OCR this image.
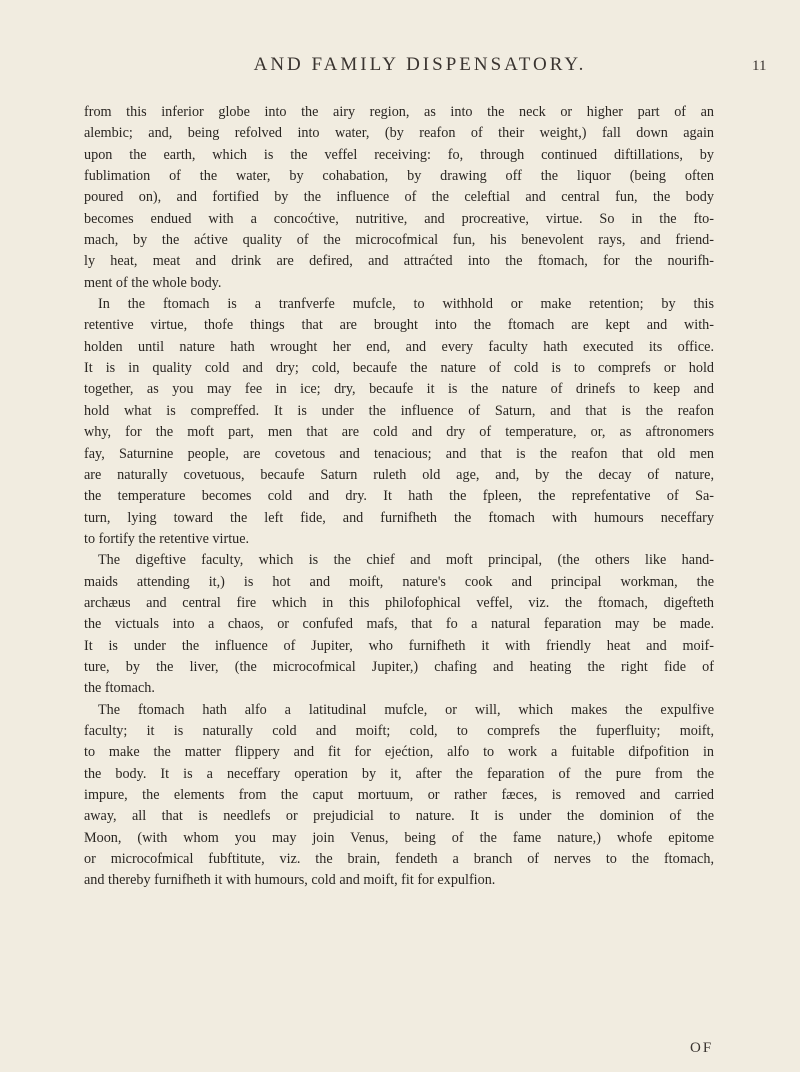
AND FAMILY DISPENSATORY.	11
from this inferior globe into the airy region, as into the neck or higher part of an
alembic; and, being refolved into water, (by reafon of their weight,) fall down again
upon the earth, which is the veffel receiving: fo, through continued diftillations, by
fublimation of the water, by cohabation, by drawing off the liquor (being often
poured on), and fortified by the influence of the celeftial and central fun, the body
becomes endued with a concoćtive, nutritive, and procreative, virtue. So in the fto-
mach, by the aćtive quality of the microcofmical fun, his benevolent rays, and friend-
ly heat, meat and drink are defired, and attraćted into the ftomach, for the nourifh-
ment of the whole body.
In the ftomach is a tranfverfe mufcle, to withhold or make retention; by this
retentive virtue, thofe things that are brought into the ftomach are kept and with-
holden until nature hath wrought her end, and every faculty hath executed its office.
It is in quality cold and dry; cold, becaufe the nature of cold is to comprefs or hold
together, as you may fee in ice; dry, becaufe it is the nature of drinefs to keep and
hold what is compreffed. It is under the influence of Saturn, and that is the reafon
why, for the moft part, men that are cold and dry of temperature, or, as aftronomers
fay, Saturnine people, are covetous and tenacious; and that is the reafon that old men
are naturally covetuous, becaufe Saturn ruleth old age, and, by the decay of nature,
the temperature becomes cold and dry. It hath the fpleen, the reprefentative of Sa-
turn, lying toward the left fide, and furnifheth the ftomach with humours neceffary
to fortify the retentive virtue.
The digeftive faculty, which is the chief and moft principal, (the others like hand-
maids attending it,) is hot and moift, nature's cook and principal workman, the
archæus and central fire which in this philofophical veffel, viz. the ftomach, digefteth
the victuals into a chaos, or confufed mafs, that fo a natural feparation may be made.
It is under the influence of Jupiter, who furnifheth it with friendly heat and moif-
ture, by the liver, (the microcofmical Jupiter,) chafing and heating the right fide of
the ftomach.
The ftomach hath alfo a latitudinal mufcle, or will, which makes the expulfive
faculty; it is naturally cold and moift; cold, to comprefs the fuperfluity; moift,
to make the matter flippery and fit for ejećtion, alfo to work a fuitable difpofition in
the body. It is a neceffary operation by it, after the feparation of the pure from the
impure, the elements from the caput mortuum, or rather fæces, is removed and carried
away, all that is needlefs or prejudicial to nature. It is under the dominion of the
Moon, (with whom you may join Venus, being of the fame nature,) whofe epitome
or microcofmical fubftitute, viz. the brain, fendeth a branch of nerves to the ftomach,
and thereby furnifheth it with humours, cold and moift, fit for expulfion.
OF
